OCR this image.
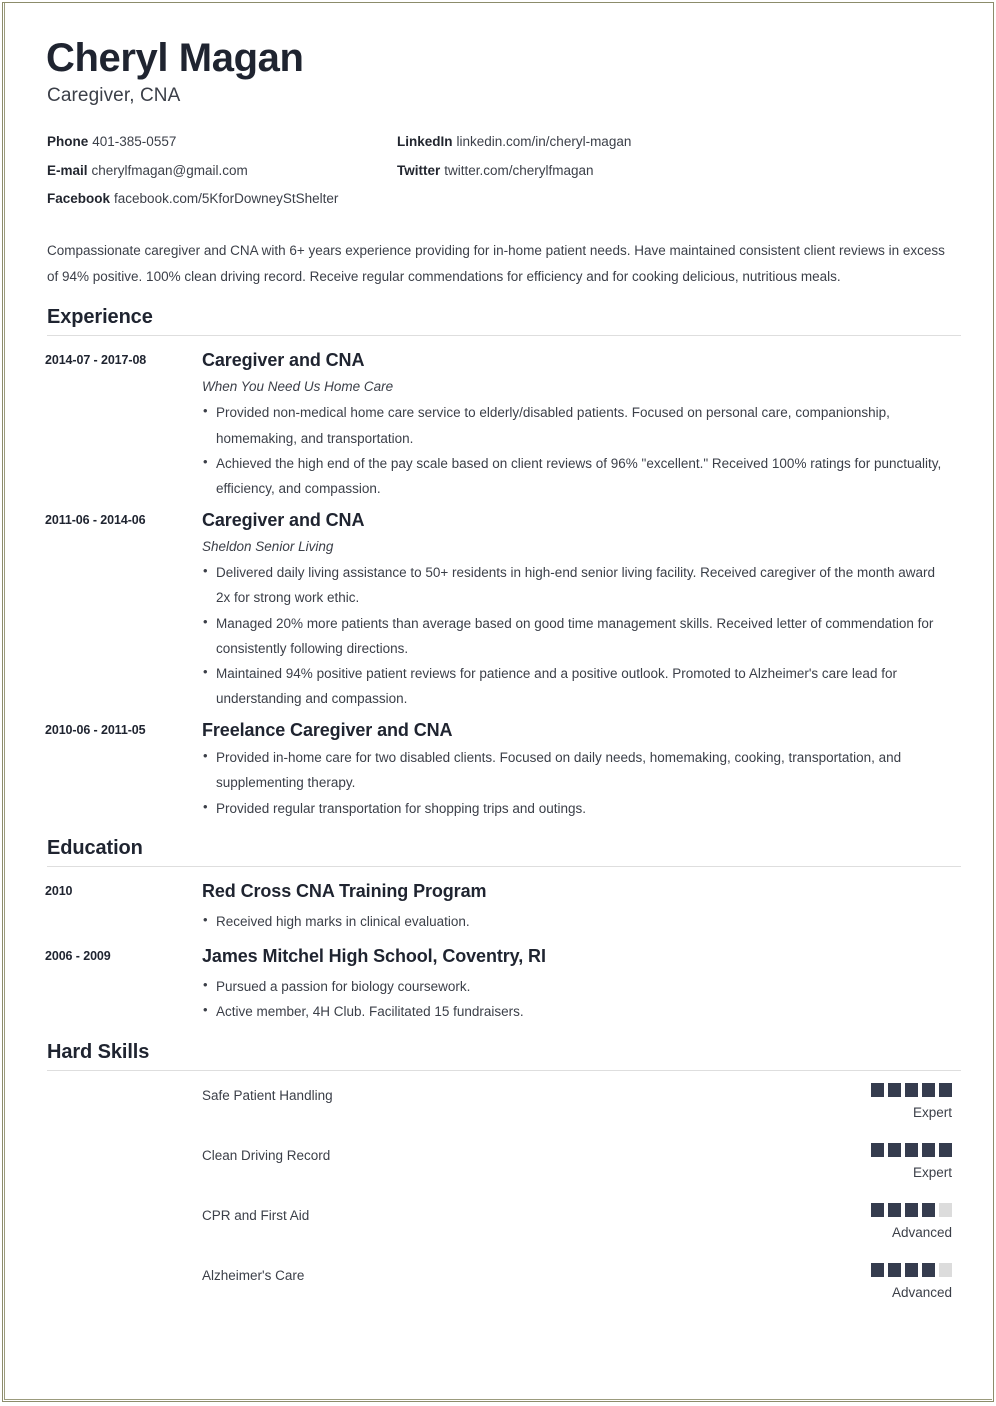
Cheryl Magan
Caregiver, CNA
Phone 401-385-0557	LinkedIn linkedin.com/in/cheryl-magan
E-mail cherylfmagan@gmail.com	Twitter twitter.com/cherylfmagan
Facebook facebook.com/5KforDowneyStShelter

Compassionate caregiver and CNA with 6+ years experience providing for in-home patient needs. Have maintained consistent client reviews in excess of 94% positive. 100% clean driving record. Receive regular commendations for efficiency and for cooking delicious, nutritious meals.

Experience
2014-07 - 2017-08	Caregiver and CNA
When You Need Us Home Care
• Provided non-medical home care service to elderly/disabled patients. Focused on personal care, companionship, homemaking, and transportation.
• Achieved the high end of the pay scale based on client reviews of 96% "excellent." Received 100% ratings for punctuality, efficiency, and compassion.
2011-06 - 2014-06	Caregiver and CNA
Sheldon Senior Living
• Delivered daily living assistance to 50+ residents in high-end senior living facility. Received caregiver of the month award 2x for strong work ethic.
• Managed 20% more patients than average based on good time management skills. Received letter of commendation for consistently following directions.
• Maintained 94% positive patient reviews for patience and a positive outlook. Promoted to Alzheimer's care lead for understanding and compassion.
2010-06 - 2011-05	Freelance Caregiver and CNA
• Provided in-home care for two disabled clients. Focused on daily needs, homemaking, cooking, transportation, and supplementing therapy.
• Provided regular transportation for shopping trips and outings.
Education
2010	Red Cross CNA Training Program
• Received high marks in clinical evaluation.
2006 - 2009	James Mitchel High School, Coventry, RI
• Pursued a passion for biology coursework.
• Active member, 4H Club. Facilitated 15 fundraisers.
Hard Skills
Safe Patient Handling
Expert
Clean Driving Record
Expert
CPR and First Aid
Advanced
Alzheimer's Care
Advanced
